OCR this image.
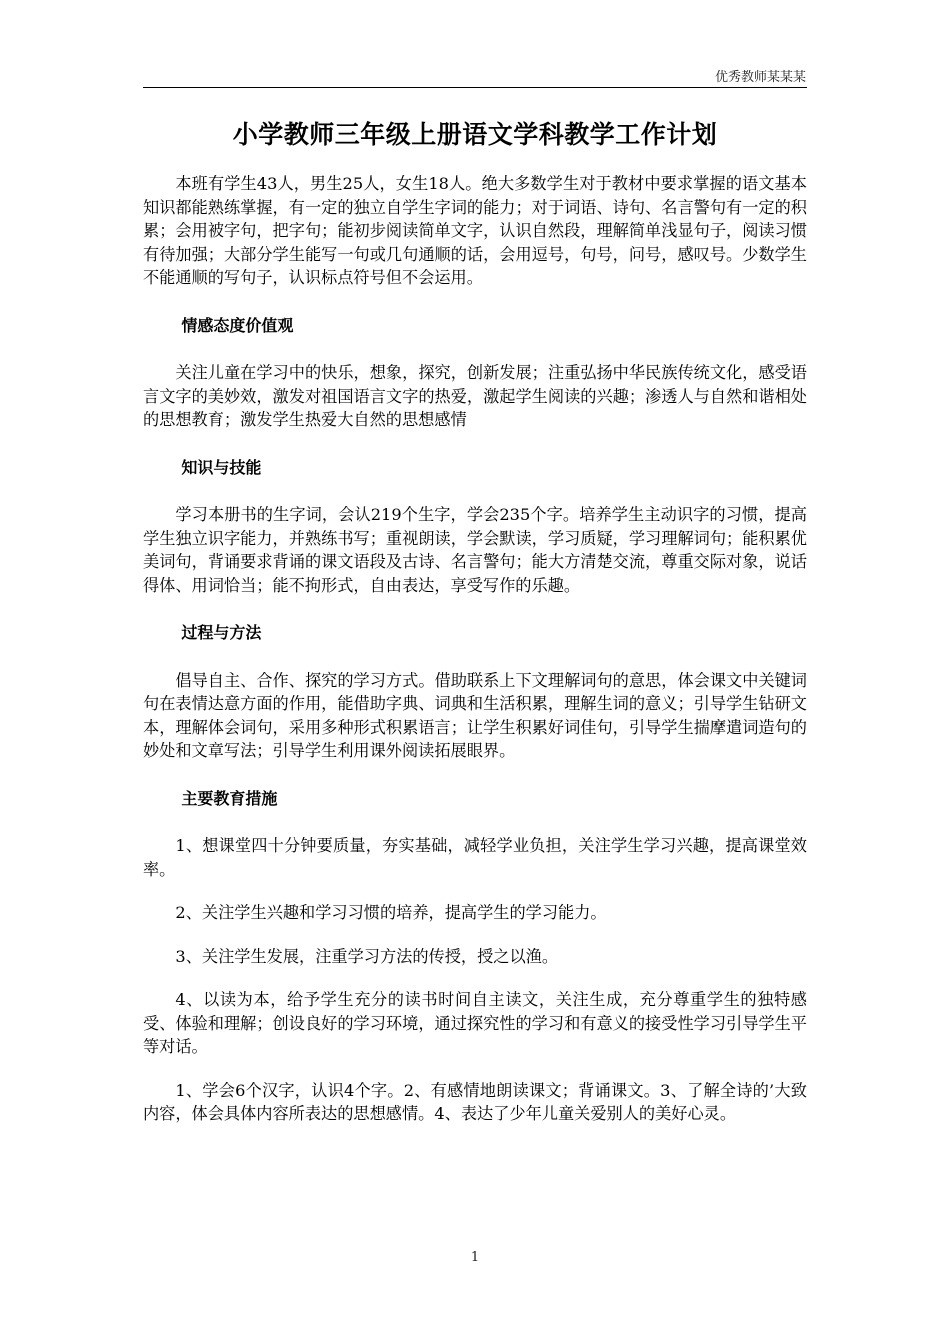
优秀教师某某某
小学教师三年级上册语文学科教学工作计划

本班有学生43人，男生25人，女生18人。绝大多数学生对于教材中要求掌握的语文基本知识都能熟练掌握，有一定的独立自学生字词的能力；对于词语、诗句、名言警句有一定的积累；会用被字句，把字句；能初步阅读简单文字，认识自然段，理解简单浅显句子，阅读习惯有待加强；大部分学生能写一句或几句通顺的话，会用逗号，句号，问号，感叹号。少数学生不能通顺的写句子，认识标点符号但不会运用。

情感态度价值观

关注儿童在学习中的快乐，想象，探究，创新发展；注重弘扬中华民族传统文化，感受语言文字的美妙效，激发对祖国语言文字的热爱，激起学生阅读的兴趣；渗透人与自然和谐相处的思想教育；激发学生热爱大自然的思想感情

知识与技能

学习本册书的生字词，会认219个生字，学会235个字。培养学生主动识字的习惯，提高学生独立识字能力，并熟练书写；重视朗读，学会默读，学习质疑，学习理解词句；能积累优美词句，背诵要求背诵的课文语段及古诗、名言警句；能大方清楚交流，尊重交际对象，说话得体、用词恰当；能不拘形式，自由表达，享受写作的乐趣。

过程与方法

倡导自主、合作、探究的学习方式。借助联系上下文理解词句的意思，体会课文中关键词句在表情达意方面的作用，能借助字典、词典和生活积累，理解生词的意义；引导学生钻研文本，理解体会词句，采用多种形式积累语言；让学生积累好词佳句，引导学生揣摩遣词造句的妙处和文章写法；引导学生利用课外阅读拓展眼界。

主要教育措施

1、想课堂四十分钟要质量，夯实基础，减轻学业负担，关注学生学习兴趣，提高课堂效率。

2、关注学生兴趣和学习习惯的培养，提高学生的学习能力。

3、关注学生发展，注重学习方法的传授，授之以渔。

4、以读为本，给予学生充分的读书时间自主读文，关注生成，充分尊重学生的独特感受、体验和理解；创设良好的学习环境，通过探究性的学习和有意义的接受性学习引导学生平等对话。

1、学会6个汉字，认识4个字。2、有感情地朗读课文；背诵课文。3、了解全诗的’大致内容，体会具体内容所表达的思想感情。4、表达了少年儿童关爱别人的美好心灵。

1
